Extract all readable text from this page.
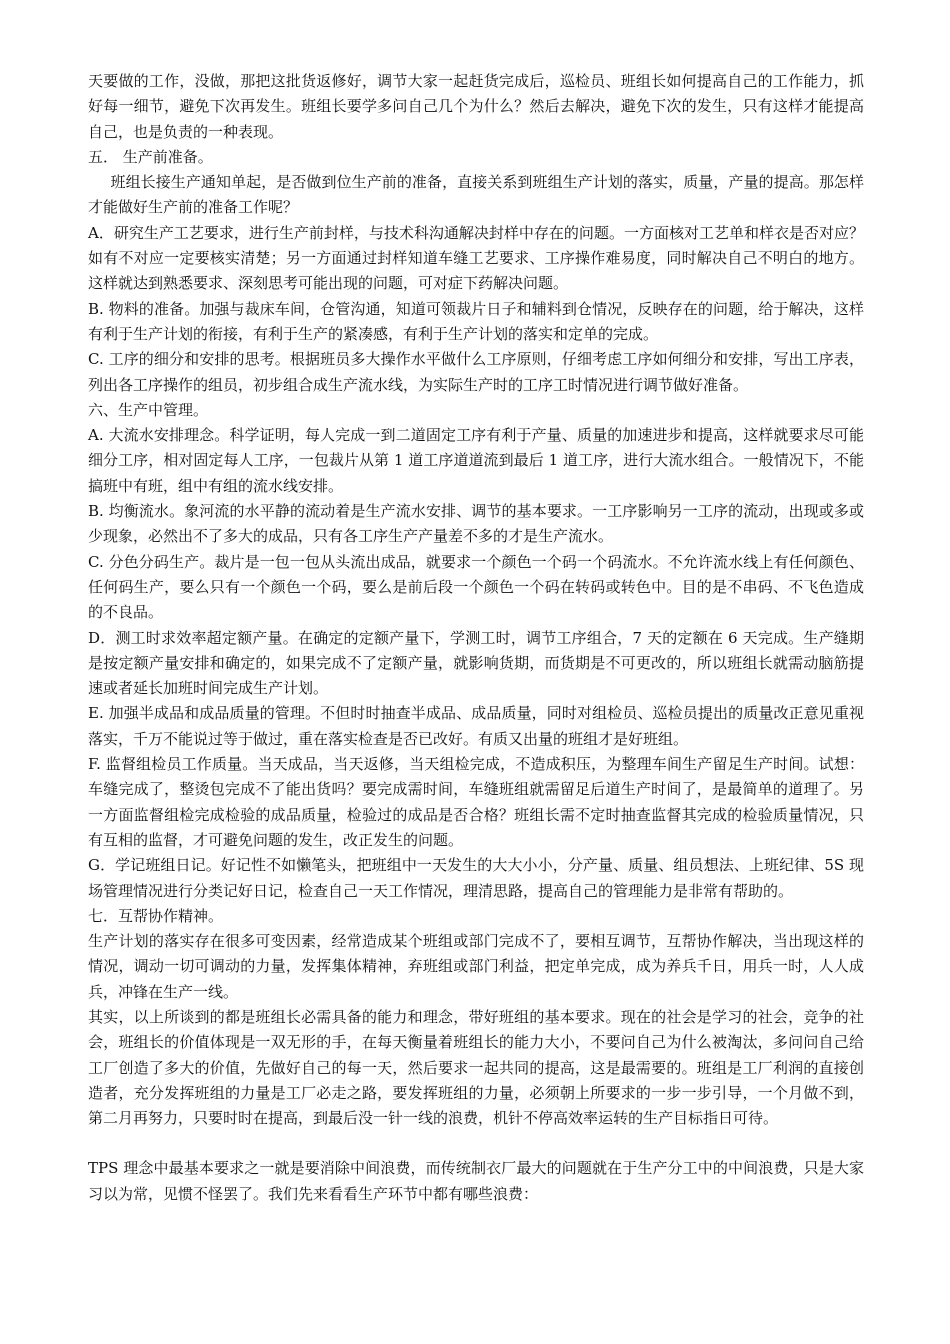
天要做的工作，没做，那把这批货返修好，调节大家一起赶货完成后，巡检员、班组长如何提高自己的工作能力，抓好每一细节，避免下次再发生。班组长要学多问自己几个为什么？然后去解决，避免下次的发生，只有这样才能提高自己，也是负责的一种表现。

五． 生产前准备。

班组长接生产通知单起，是否做到位生产前的准备，直接关系到班组生产计划的落实，质量，产量的提高。那怎样才能做好生产前的准备工作呢？

A．研究生产工艺要求，进行生产前封样，与技术科沟通解决封样中存在的问题。一方面核对工艺单和样衣是否对应？如有不对应一定要核实清楚；另一方面通过封样知道车缝工艺要求、工序操作难易度，同时解决自己不明白的地方。这样就达到熟悉要求、深刻思考可能出现的问题，可对症下药解决问题。

B. 物料的准备。加强与裁床车间，仓管沟通，知道可领裁片日子和辅料到仓情况，反映存在的问题，给于解决，这样有利于生产计划的衔接，有利于生产的紧凑感，有利于生产计划的落实和定单的完成。

C. 工序的细分和安排的思考。根据班员多大操作水平做什么工序原则，仔细考虑工序如何细分和安排，写出工序表，列出各工序操作的组员，初步组合成生产流水线，为实际生产时的工序工时情况进行调节做好准备。

六、生产中管理。

A. 大流水安排理念。科学证明，每人完成一到二道固定工序有利于产量、质量的加速进步和提高，这样就要求尽可能细分工序，相对固定每人工序，一包裁片从第 1 道工序道道流到最后 1 道工序，进行大流水组合。一般情况下，不能搞班中有班，组中有组的流水线安排。

B. 均衡流水。象河流的水平静的流动着是生产流水安排、调节的基本要求。一工序影响另一工序的流动，出现或多或少现象，必然出不了多大的成品，只有各工序生产产量差不多的才是生产流水。

C. 分色分码生产。裁片是一包一包从头流出成品，就要求一个颜色一个码一个码流水。不允许流水线上有任何颜色、任何码生产，要么只有一个颜色一个码，要么是前后段一个颜色一个码在转码或转色中。目的是不串码、不飞色造成的不良品。

D．测工时求效率超定额产量。在确定的定额产量下，学测工时，调节工序组合，7 天的定额在 6 天完成。生产缝期是按定额产量安排和确定的，如果完成不了定额产量，就影响货期，而货期是不可更改的，所以班组长就需动脑筋提速或者延长加班时间完成生产计划。

E. 加强半成品和成品质量的管理。不但时时抽查半成品、成品质量，同时对组检员、巡检员提出的质量改正意见重视落实，千万不能说过等于做过，重在落实检查是否已改好。有质又出量的班组才是好班组。

F. 监督组检员工作质量。当天成品，当天返修，当天组检完成，不造成积压，为整理车间生产留足生产时间。试想：车缝完成了，整烫包完成不了能出货吗？要完成需时间，车缝班组就需留足后道生产时间了，是最简单的道理了。另一方面监督组检完成检验的成品质量，检验过的成品是否合格？班组长需不定时抽查监督其完成的检验质量情况，只有互相的监督，才可避免问题的发生，改正发生的问题。

G．学记班组日记。好记性不如懒笔头，把班组中一天发生的大大小小，分产量、质量、组员想法、上班纪律、5S 现场管理情况进行分类记好日记，检查自己一天工作情况，理清思路，提高自己的管理能力是非常有帮助的。

七．互帮协作精神。

生产计划的落实存在很多可变因素，经常造成某个班组或部门完成不了，要相互调节，互帮协作解决，当出现这样的情况，调动一切可调动的力量，发挥集体精神，弃班组或部门利益，把定单完成，成为养兵千日，用兵一时，人人成兵，冲锋在生产一线。

其实，以上所谈到的都是班组长必需具备的能力和理念，带好班组的基本要求。现在的社会是学习的社会，竞争的社会，班组长的价值体现是一双无形的手，在每天衡量着班组长的能力大小，不要问自己为什么被淘汰，多问问自己给工厂创造了多大的价值，先做好自己的每一天，然后要求一起共同的提高，这是最需要的。班组是工厂利润的直接创造者，充分发挥班组的力量是工厂必走之路，要发挥班组的力量，必须朝上所要求的一步一步引导，一个月做不到，第二月再努力，只要时时在提高，到最后没一针一线的浪费，机针不停高效率运转的生产目标指日可待。

TPS 理念中最基本要求之一就是要消除中间浪费，而传统制衣厂最大的问题就在于生产分工中的中间浪费，只是大家习以为常，见惯不怪罢了。我们先来看看生产环节中都有哪些浪费：
